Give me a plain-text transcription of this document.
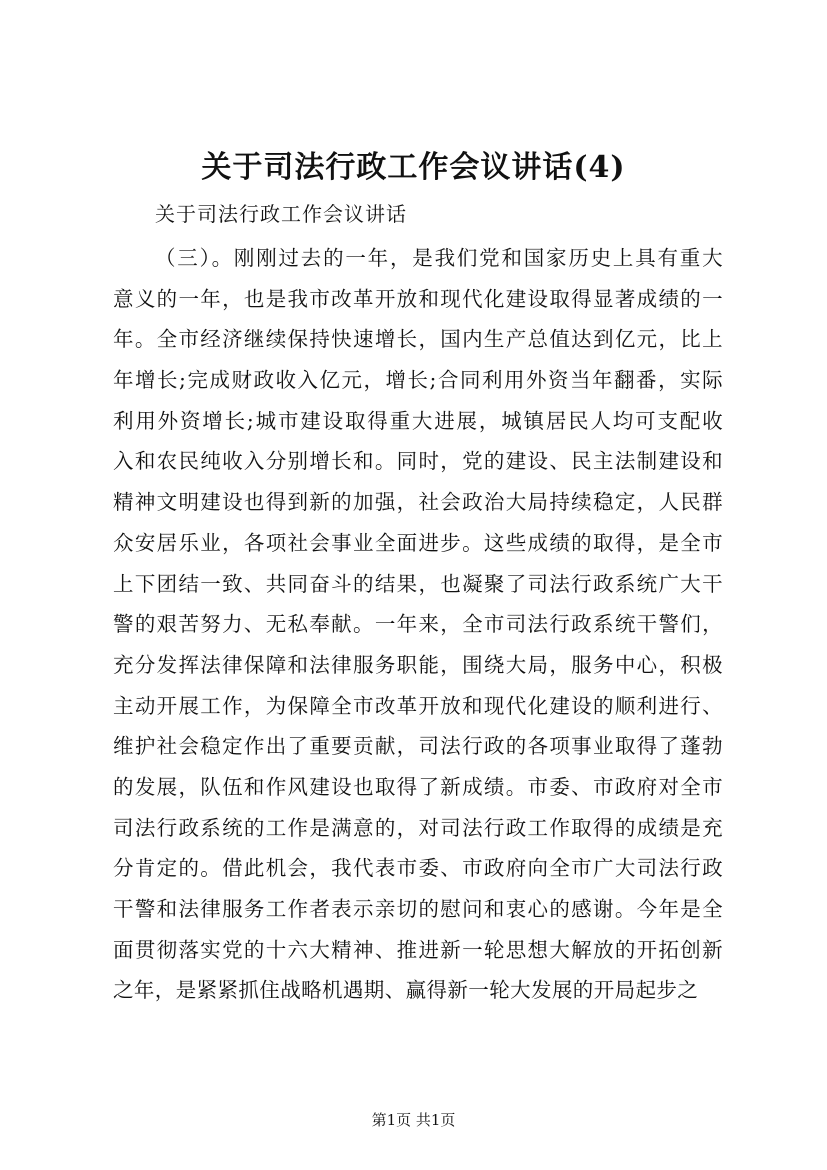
关于司法行政工作会议讲话(4)

关于司法行政工作会议讲话

（三）。刚刚过去的一年，是我们党和国家历史上具有重大
意义的一年，也是我市改革开放和现代化建设取得显著成绩的一
年。全市经济继续保持快速增长，国内生产总值达到亿元，比上
年增长;完成财政收入亿元，增长;合同利用外资当年翻番，实际
利用外资增长;城市建设取得重大进展，城镇居民人均可支配收
入和农民纯收入分别增长和。同时，党的建设、民主法制建设和
精神文明建设也得到新的加强，社会政治大局持续稳定，人民群
众安居乐业，各项社会事业全面进步。这些成绩的取得，是全市
上下团结一致、共同奋斗的结果，也凝聚了司法行政系统广大干
警的艰苦努力、无私奉献。一年来，全市司法行政系统干警们，
充分发挥法律保障和法律服务职能，围绕大局，服务中心，积极
主动开展工作，为保障全市改革开放和现代化建设的顺利进行、
维护社会稳定作出了重要贡献，司法行政的各项事业取得了蓬勃
的发展，队伍和作风建设也取得了新成绩。市委、市政府对全市
司法行政系统的工作是满意的，对司法行政工作取得的成绩是充
分肯定的。借此机会，我代表市委、市政府向全市广大司法行政
干警和法律服务工作者表示亲切的慰问和衷心的感谢。今年是全
面贯彻落实党的十六大精神、推进新一轮思想大解放的开拓创新
之年，是紧紧抓住战略机遇期、赢得新一轮大发展的开局起步之

第1页 共1页
